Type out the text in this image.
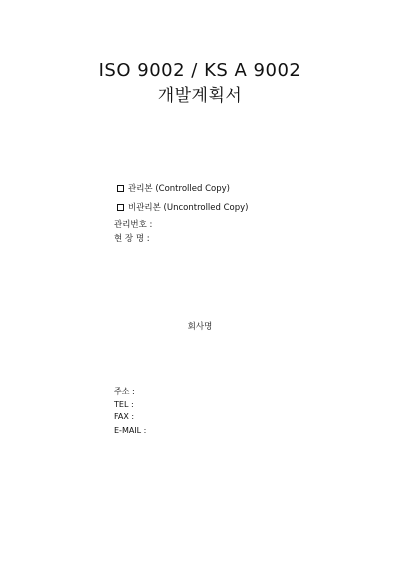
ISO 9002 / KS A 9002
개발계획서
관리본 (Controlled Copy)
비관리본 (Uncontrolled Copy)
관리번호 :
현 장 명 :
회사명
주소 :
TEL :
FAX :
E-MAIL :
